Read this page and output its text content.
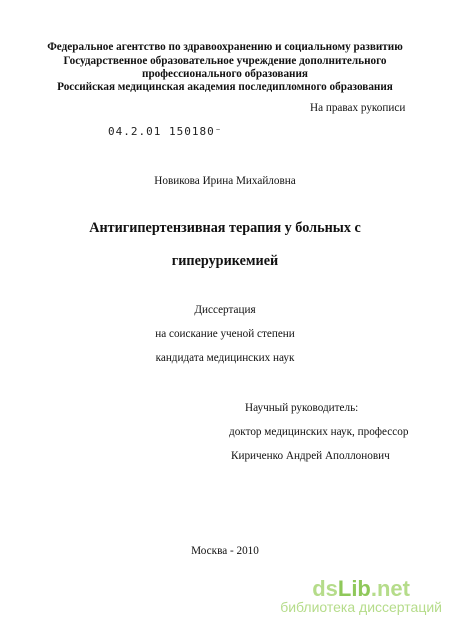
Федеральное агентство по здравоохранению и социальному развитию
Государственное образовательное учреждение дополнительного
профессионального образования
Российская медицинская академия последипломного образования
На правах рукописи
04.2.01 150180⁻
Новикова Ирина Михайловна
Антигипертензивная терапия у больных с
гиперурикемией
Диссертация
на соискание ученой степени
кандидата медицинских наук
Научный руководитель:
доктор медицинских наук, профессор
Кириченко Андрей Аполлонович
Москва - 2010
dsLib.net
библиотека диссертаций
